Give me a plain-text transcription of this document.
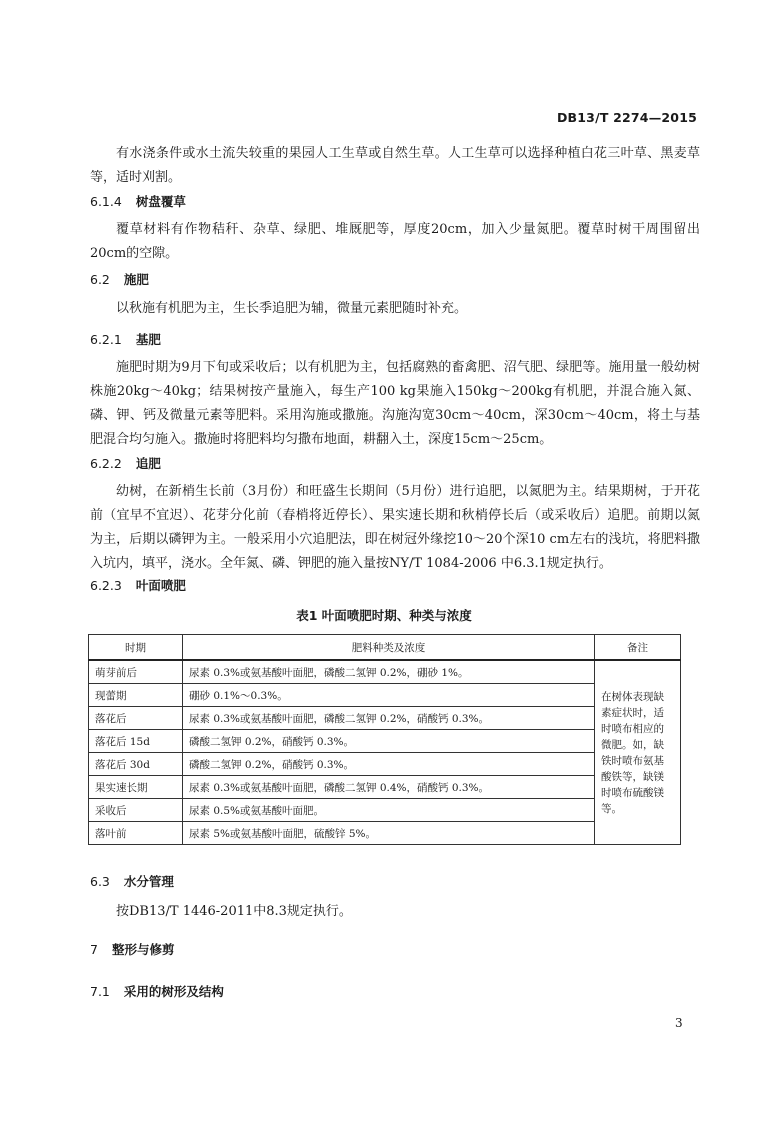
DB13/T 2274—2015

有水浇条件或水土流失较重的果园人工生草或自然生草。人工生草可以选择种植白花三叶草、黑麦草等，适时刈割。

6.1.4 树盘覆草

覆草材料有作物秸秆、杂草、绿肥、堆厩肥等，厚度20cm，加入少量氮肥。覆草时树干周围留出20cm的空隙。

6.2 施肥

以秋施有机肥为主，生长季追肥为辅，微量元素肥随时补充。

6.2.1 基肥

施肥时期为9月下旬或采收后；以有机肥为主，包括腐熟的畜禽肥、沼气肥、绿肥等。施用量一般幼树株施20kg～40kg；结果树按产量施入，每生产100 kg果施入150kg～200kg有机肥，并混合施入氮、磷、钾、钙及微量元素等肥料。采用沟施或撒施。沟施沟宽30cm～40cm，深30cm～40cm，将土与基肥混合均匀施入。撒施时将肥料均匀撒布地面，耕翻入土，深度15cm～25cm。

6.2.2 追肥

幼树，在新梢生长前（3月份）和旺盛生长期间（5月份）进行追肥，以氮肥为主。结果期树，于开花前（宜早不宜迟）、花芽分化前（春梢将近停长）、果实速长期和秋梢停长后（或采收后）追肥。前期以氮为主，后期以磷钾为主。一般采用小穴追肥法，即在树冠外缘挖10～20个深10 cm左右的浅坑，将肥料撒入坑内，填平，浇水。全年氮、磷、钾肥的施入量按NY/T 1084-2006 中6.3.1规定执行。

6.2.3 叶面喷肥
表1 叶面喷肥时期、种类与浓度
时期	肥料种类及浓度	备注
萌芽前后	尿素 0.3%或氨基酸叶面肥，磷酸二氢钾 0.2%，硼砂 1%。	在树体表现缺素症状时，适时喷布相应的微肥。如，缺铁时喷布氨基酸铁等，缺镁时喷布硫酸镁等。
现蕾期	硼砂 0.1%～0.3%。	
落花后	尿素 0.3%或氨基酸叶面肥，磷酸二氢钾 0.2%，硝酸钙 0.3%。	
落花后 15d	磷酸二氢钾 0.2%，硝酸钙 0.3%。	
落花后 30d	磷酸二氢钾 0.2%，硝酸钙 0.3%。	
果实速长期	尿素 0.3%或氨基酸叶面肥，磷酸二氢钾 0.4%，硝酸钙 0.3%。	
采收后	尿素 0.5%或氨基酸叶面肥。	
落叶前	尿素 5%或氨基酸叶面肥，硫酸锌 5%。	
6.3 水分管理

按DB13/T 1446-2011中8.3规定执行。

7 整形与修剪
7.1 采用的树形及结构
3
